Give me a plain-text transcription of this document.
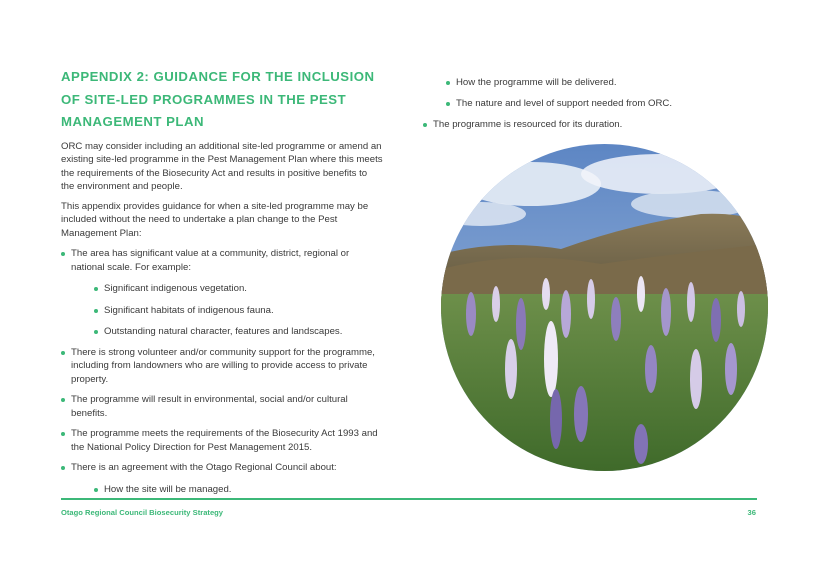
APPENDIX 2: GUIDANCE FOR THE INCLUSION OF SITE-LED PROGRAMMES IN THE PEST MANAGEMENT PLAN

ORC may consider including an additional site-led programme or amend an existing site-led programme in the Pest Management Plan where this meets the requirements of the Biosecurity Act and results in positive benefits to the environment and people.

This appendix provides guidance for when a site-led programme may be included without the need to undertake a plan change to the Pest Management Plan:

The area has significant value at a community, district, regional or national scale. For example:
Significant indigenous vegetation.
Significant habitats of indigenous fauna.
Outstanding natural character, features and landscapes.
There is strong volunteer and/or community support for the programme, including from landowners who are willing to provide access to private property.
The programme will result in environmental, social and/or cultural benefits.
The programme meets the requirements of the Biosecurity Act 1993 and the National Policy Direction for Pest Management 2015.
There is an agreement with the Otago Regional Council about:
How the site will be managed.
How the programme will be delivered.
The nature and level of support needed from ORC.
The programme is resourced for its duration.
Otago Regional Council Biosecurity Strategy	36
